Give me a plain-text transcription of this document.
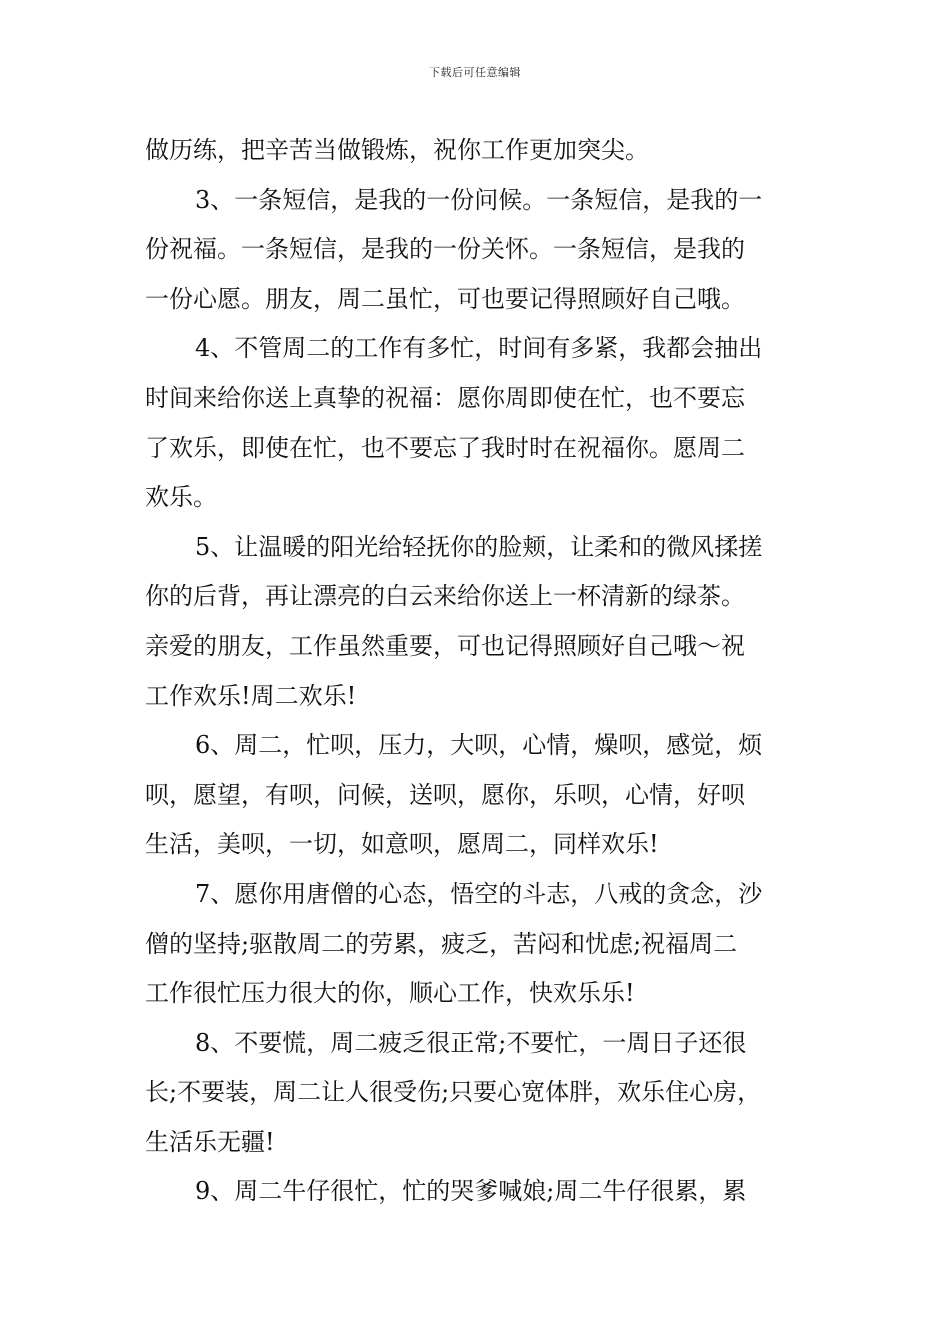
下载后可任意编辑
做历练，把辛苦当做锻炼，祝你工作更加突尖。
3、一条短信，是我的一份问候。一条短信，是我的一
份祝福。一条短信，是我的一份关怀。一条短信，是我的
一份心愿。朋友，周二虽忙，可也要记得照顾好自己哦。
4、不管周二的工作有多忙，时间有多紧，我都会抽出
时间来给你送上真挚的祝福：愿你周即使在忙，也不要忘
了欢乐，即使在忙，也不要忘了我时时在祝福你。愿周二
欢乐。
5、让温暖的阳光给轻抚你的脸颊，让柔和的微风揉搓
你的后背，再让漂亮的白云来给你送上一杯清新的绿茶。
亲爱的朋友，工作虽然重要，可也记得照顾好自己哦～祝
工作欢乐!周二欢乐!
6、周二，忙呗，压力，大呗，心情，燥呗，感觉，烦
呗，愿望，有呗，问候，送呗，愿你，乐呗，心情，好呗
生活，美呗，一切，如意呗，愿周二，同样欢乐!
7、愿你用唐僧的心态，悟空的斗志，八戒的贪念，沙
僧的坚持;驱散周二的劳累，疲乏，苦闷和忧虑;祝福周二
工作很忙压力很大的你，顺心工作，快欢乐乐!
8、不要慌，周二疲乏很正常;不要忙，一周日子还很
长;不要装，周二让人很受伤;只要心宽体胖，欢乐住心房，
生活乐无疆!
9、周二牛仔很忙，忙的哭爹喊娘;周二牛仔很累，累
